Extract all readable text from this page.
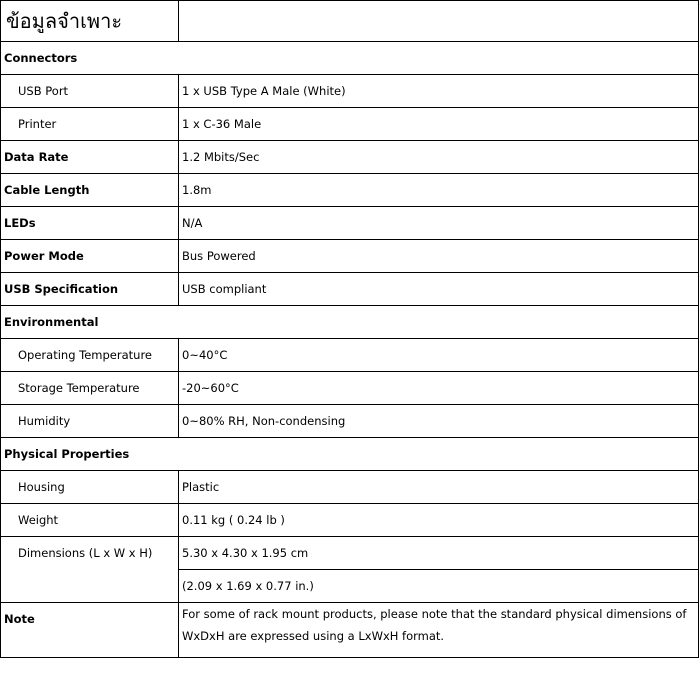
ข้อมูลจำเพาะ	
Connectors	
USB Port	1 x USB Type A Male (White)
Printer	1 x C-36 Male
Data Rate	1.2 Mbits/Sec
Cable Length	1.8m
LEDs	N/A
Power Mode	Bus Powered
USB Specification	USB compliant
Environmental	
Operating Temperature	0~40°C
Storage Temperature	-20~60°C
Humidity	0~80% RH, Non-condensing
Physical Properties	
Housing	Plastic
Weight	0.11 kg ( 0.24 lb )
Dimensions (L x W x H)	5.30 x 4.30 x 1.95 cm
	(2.09 x 1.69 x 0.77 in.)
Note	For some of rack mount products, please note that the standard physical dimensions of WxDxH are expressed using a LxWxH format.
